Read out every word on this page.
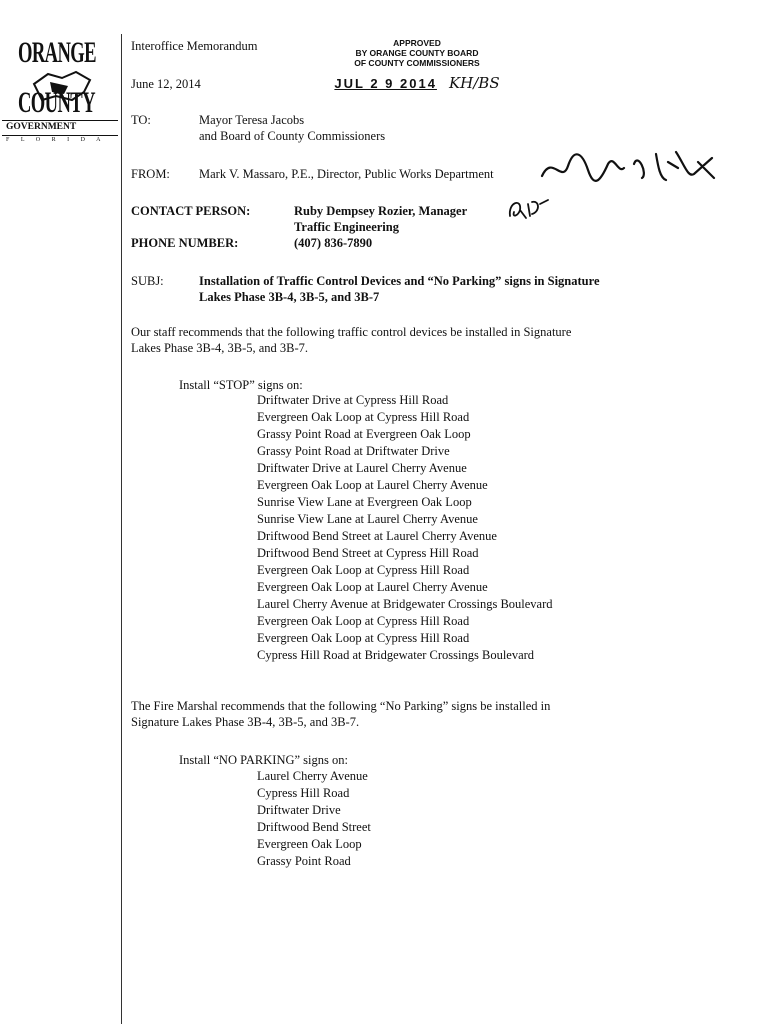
ORANGE
COUNTY
GOVERNMENT
F L O R I D A
Interoffice Memorandum
June 12, 2014
APPROVED
BY ORANGE COUNTY BOARD
OF COUNTY COMMISSIONERS
JUL 2 9 2014 KH/BS
TO:	Mayor Teresa Jacobs
and Board of County Commissioners
FROM: Mark V. Massaro, P.E., Director, Public Works Department
CONTACT PERSON:	Ruby Dempsey Rozier, Manager
Traffic Engineering
PHONE NUMBER:	(407) 836-7890
SUBJ:	Installation of Traffic Control Devices and “No Parking” signs in Signature
Lakes Phase 3B-4, 3B-5, and 3B-7
Our staff recommends that the following traffic control devices be installed in Signature
Lakes Phase 3B-4, 3B-5, and 3B-7.
Install “STOP” signs on:
Driftwater Drive at Cypress Hill Road
Evergreen Oak Loop at Cypress Hill Road
Grassy Point Road at Evergreen Oak Loop
Grassy Point Road at Driftwater Drive
Driftwater Drive at Laurel Cherry Avenue
Evergreen Oak Loop at Laurel Cherry Avenue
Sunrise View Lane at Evergreen Oak Loop
Sunrise View Lane at Laurel Cherry Avenue
Driftwood Bend Street at Laurel Cherry Avenue
Driftwood Bend Street at Cypress Hill Road
Evergreen Oak Loop at Cypress Hill Road
Evergreen Oak Loop at Laurel Cherry Avenue
Laurel Cherry Avenue at Bridgewater Crossings Boulevard
Evergreen Oak Loop at Cypress Hill Road
Evergreen Oak Loop at Cypress Hill Road
Cypress Hill Road at Bridgewater Crossings Boulevard
The Fire Marshal recommends that the following “No Parking” signs be installed in
Signature Lakes Phase 3B-4, 3B-5, and 3B-7.
Install “NO PARKING” signs on:
Laurel Cherry Avenue
Cypress Hill Road
Driftwater Drive
Driftwood Bend Street
Evergreen Oak Loop
Grassy Point Road
